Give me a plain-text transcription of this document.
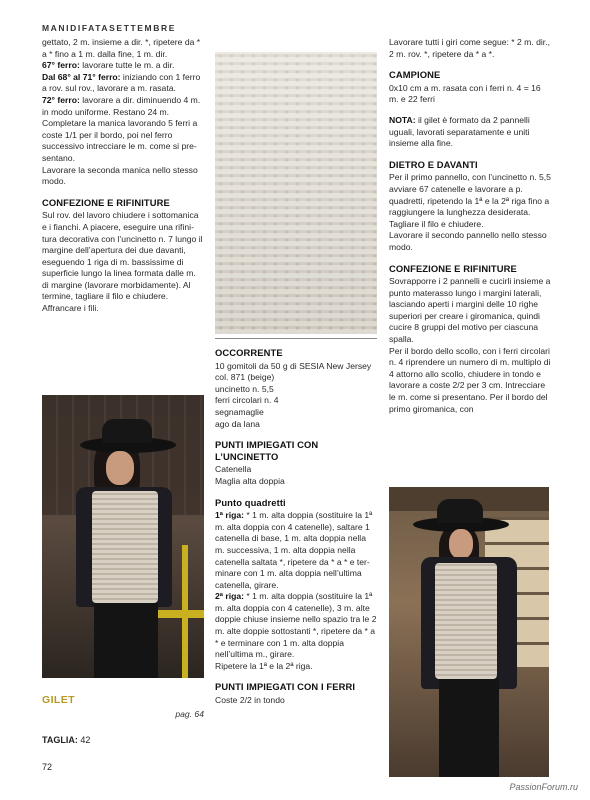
MANIDIFATASETTEMBRE

gettato, 2 m. insieme a dir. *, ripetere da * a * fino a 1 m. dalla fine, 1 m. dir.

67° ferro: lavorare tutte le m. a dir.

Dal 68° al 71° ferro: iniziando con 1 ferro a rov. sul rov., lavorare a m. rasata.

72° ferro: lavorare a dir. diminuendo 4 m. in modo uniforme. Restano 24 m.

Completare la manica lavorando 5 ferri a coste 1/1 per il bordo, poi nel ferro successivo intrecciare le m. come si presentano.

Lavorare la seconda manica nello stesso modo.

CONFEZIONE E RIFINITURE

Sul rov. del lavoro chiudere i sottomanica e i fianchi. A piacere, eseguire una rifinitura decorativa con l’uncinetto n. 7 lungo il margine dell’apertura dei due davanti, eseguendo 1 riga di m. bassissime di superficie lungo la linea formata dalle m. di margine (lavorare morbidamente). Al termine, tagliare il filo e chiudere. Affrancare i fili.

OCCORRENTE

10 gomitoli da 50 g di SESIA New Jersey col. 871 (beige)

uncinetto n. 5,5

ferri circolari n. 4

segnamaglie

ago da lana

PUNTI IMPIEGATI CON L’UNCINETTO

Catenella

Maglia alta doppia

Punto quadretti

1ª riga: * 1 m. alta doppia (sostituire la 1ª m. alta doppia con 4 catenelle), saltare 1 catenella di base, 1 m. alta doppia nella m. successiva, 1 m. alta doppia nella catenella saltata *, ripetere da * a * e terminare con 1 m. alta doppia nell’ultima catenella, girare.

2ª riga: * 1 m. alta doppia (sostituire la 1ª m. alta doppia con 4 catenelle), 3 m. alte doppie chiuse insieme nello spazio tra le 2 m. alte doppie sottostanti *, ripetere da * a * e terminare con 1 m. alta doppia nell’ultima m., girare.

Ripetere la 1ª e la 2ª riga.

PUNTI IMPIEGATI CON I FERRI

Coste 2/2 in tondo

Lavorare tutti i giri come segue: * 2 m. dir., 2 m. rov. *, ripetere da * a *.

CAMPIONE

0x10 cm a m. rasata con i ferri n. 4 = 16 m. e 22 ferri

NOTA: il gilet è formato da 2 pannelli uguali, lavorati separatamente e uniti insieme alla fine.

DIETRO E DAVANTI

Per il primo pannello, con l’uncinetto n. 5,5 avviare 67 catenelle e lavorare a p. quadretti, ripetendo la 1ª e la 2ª riga fino a raggiungere la lunghezza desiderata. Tagliare il filo e chiudere.

Lavorare il secondo pannello nello stesso modo.

CONFEZIONE E RIFINITURE

Sovrapporre i 2 pannelli e cucirli insieme a punto materasso lungo i margini laterali, lasciando aperti i margini delle 10 righe superiori per creare i giromanica, quindi cucire 8 gruppi del motivo per ciascuna spalla.

Per il bordo dello scollo, con i ferri circolari n. 4 riprendere un numero di m. multiplo di 4 attorno allo scollo, chiudere in tondo e lavorare a coste 2/2 per 3 cm. Intrecciare le m. come si presentano. Per il bordo del primo giromanica, con

GILET
pag. 64
TAGLIA: 42
72
PassionForum.ru
